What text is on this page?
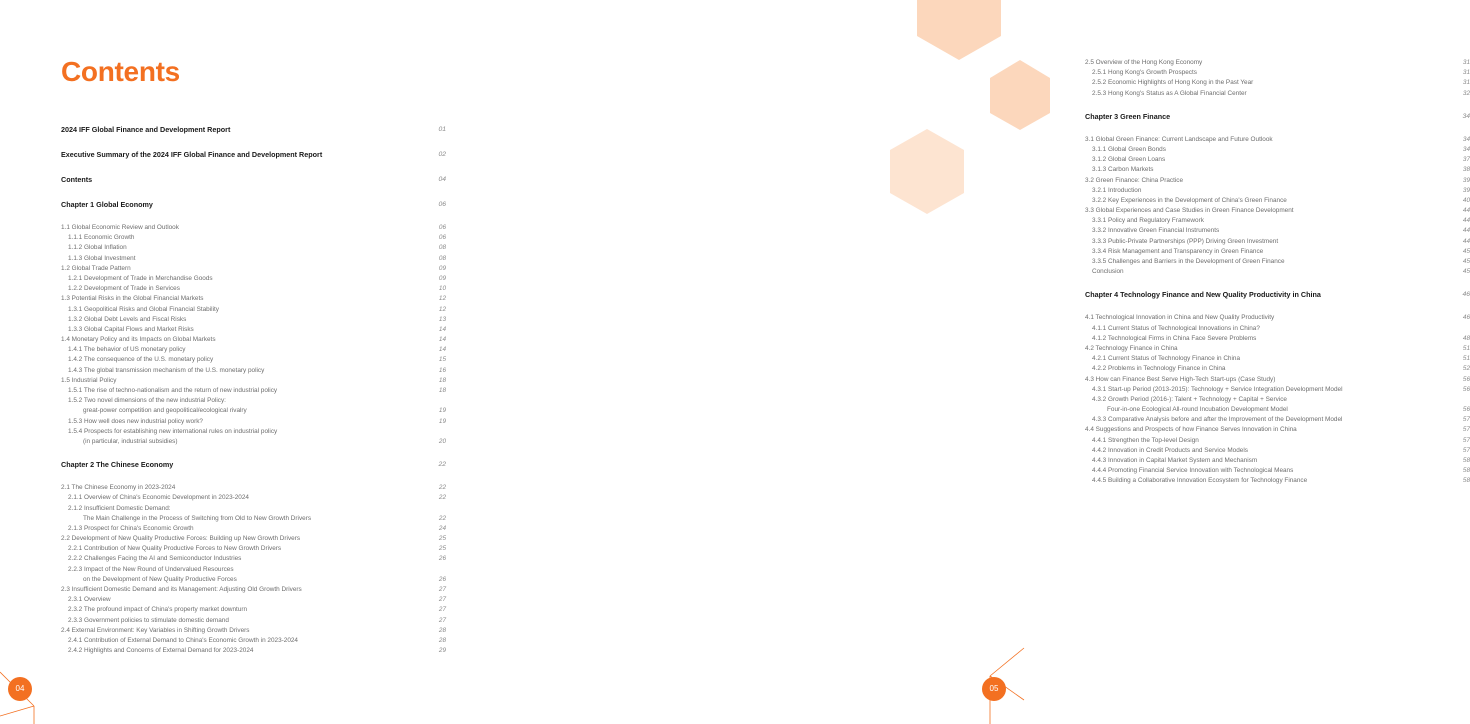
Contents
2024 IFF Global Finance and Development Report	01
Executive Summary of the 2024 IFF Global Finance and Development Report	02
Contents	04
Chapter 1 Global Economy	06
1.1 Global Economic Review and Outlook	06
1.1.1 Economic Growth	06
1.1.2 Global Inflation	08
1.1.3 Global Investment	08
1.2 Global Trade Pattern	09
1.2.1 Development of Trade in Merchandise Goods	09
1.2.2 Development of Trade in Services	10
1.3 Potential Risks in the Global Financial Markets	12
1.3.1 Geopolitical Risks and Global Financial Stability	12
1.3.2 Global Debt Levels and Fiscal Risks	13
1.3.3 Global Capital Flows and Market Risks	14
1.4 Monetary Policy and its Impacts on Global Markets	14
1.4.1 The behavior of US monetary policy	14
1.4.2 The consequence of the U.S. monetary policy	15
1.4.3 The global transmission mechanism of the U.S. monetary policy	16
1.5 Industrial Policy	18
1.5.1 The rise of techno-nationalism and the return of new industrial policy	18
1.5.2 Two novel dimensions of the new industrial Policy:
great-power competition and geopolitical/ecological rivalry	19
1.5.3 How well does new industrial policy work?	19
1.5.4 Prospects for establishing new international rules on industrial policy
(in particular, industrial subsidies)	20
Chapter 2 The Chinese Economy	22
2.1 The Chinese Economy in 2023-2024	22
2.1.1 Overview of China's Economic Development in 2023-2024	22
2.1.2 Insufficient Domestic Demand:
The Main Challenge in the Process of Switching from Old to New Growth Drivers	22
2.1.3 Prospect for China's Economic Growth	24
2.2 Development of New Quality Productive Forces: Building up New Growth Drivers	25
2.2.1 Contribution of New Quality Productive Forces to New Growth Drivers	25
2.2.2 Challenges Facing the AI and Semiconductor Industries	26
2.2.3 Impact of the New Round of Undervalued Resources
on the Development of New Quality Productive Forces	26
2.3 Insufficient Domestic Demand and its Management: Adjusting Old Growth Drivers	27
2.3.1 Overview	27
2.3.2 The profound impact of China's property market downturn	27
2.3.3 Government policies to stimulate domestic demand	27
2.4 External Environment: Key Variables in Shifting Growth Drivers	28
2.4.1 Contribution of External Demand to China's Economic Growth in 2023-2024	28
2.4.2 Highlights and Concerns of External Demand for 2023-2024	29
04
2.5 Overview of the Hong Kong Economy	31
2.5.1 Hong Kong's Growth Prospects	31
2.5.2 Economic Highlights of Hong Kong in the Past Year	31
2.5.3 Hong Kong's Status as A Global Financial Center	32
Chapter 3 Green Finance	34
3.1 Global Green Finance: Current Landscape and Future Outlook	34
3.1.1 Global Green Bonds	34
3.1.2 Global Green Loans	37
3.1.3 Carbon Markets	38
3.2 Green Finance: China Practice	39
3.2.1 Introduction	39
3.2.2 Key Experiences in the Development of China's Green Finance	40
3.3 Global Experiences and Case Studies in Green Finance Development	44
3.3.1 Policy and Regulatory Framework	44
3.3.2 Innovative Green Financial Instruments	44
3.3.3 Public-Private Partnerships (PPP) Driving Green Investment	44
3.3.4 Risk Management and Transparency in Green Finance	45
3.3.5 Challenges and Barriers in the Development of Green Finance	45
Conclusion	45
Chapter 4 Technology Finance and New Quality Productivity in China	46
4.1 Technological Innovation in China and New Quality Productivity	46
4.1.1 Current Status of Technological Innovations in China?
4.1.2 Technological Firms in China Face Severe Problems	48
4.2 Technology Finance in China	51
4.2.1 Current Status of Technology Finance in China	51
4.2.2 Problems in Technology Finance in China	52
4.3 How can Finance Best Serve High-Tech Start-ups (Case Study)	56
4.3.1 Start-up Period (2013-2015): Technology + Service Integration Development Model	56
4.3.2 Growth Period (2016-): Talent + Technology + Capital + Service
Four-in-one Ecological All-round Incubation Development Model	56
4.3.3 Comparative Analysis before and after the Improvement of the Development Model	57
4.4 Suggestions and Prospects of how Finance Serves Innovation in China	57
4.4.1 Strengthen the Top-level Design	57
4.4.2 Innovation in Credit Products and Service Models	57
4.4.3 Innovation in Capital Market System and Mechanism	58
4.4.4 Promoting Financial Service Innovation with Technological Means	58
4.4.5 Building a Collaborative Innovation Ecosystem for Technology Finance	58
05
